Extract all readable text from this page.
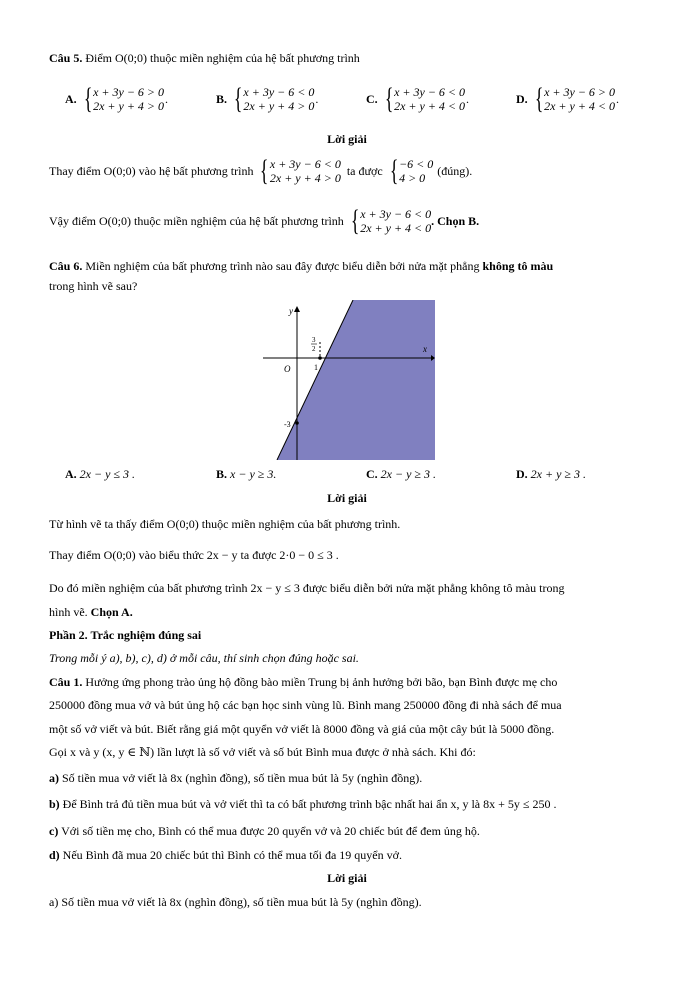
Câu 5. Điểm O(0;0) thuộc miền nghiệm của hệ bất phương trình
A. { x + 3y − 6 > 0
2x + y + 4 > 0
.	B. { x + 3y − 6 < 0
2x + y + 4 > 0
.	C. { x + 3y − 6 < 0
2x + y + 4 < 0
.	D. { x + 3y − 6 > 0
2x + y + 4 < 0
.
Lời giải
Thay điểm O(0;0) vào hệ bất phương trình { x + 3y − 6 < 0
2x + y + 4 > 0
ta được { −6 < 0
4 > 0
(đúng).
Vậy điểm O(0;0) thuộc miền nghiệm của hệ bất phương trình { x + 3y − 6 < 0
2x + y + 4 < 0
. Chọn B.
Câu 6. Miền nghiệm của bất phương trình nào sau đây được biểu diễn bởi nửa mặt phẳng không tô màu
trong hình vẽ sau?
y
x
O	1
-3
3
2
A. 2x − y ≤ 3 .	B. x − y ≥ 3.	C. 2x − y ≥ 3 .	D. 2x + y ≥ 3 .
Lời giải
Từ hình vẽ ta thấy điểm O(0;0) thuộc miền nghiệm của bất phương trình.
Thay điểm O(0;0) vào biểu thức 2x − y ta được 2·0 − 0 ≤ 3 .
Do đó miền nghiệm của bất phương trình 2x − y ≤ 3 được biểu diễn bởi nửa mặt phẳng không tô màu trong
hình vẽ. Chọn A.
Phần 2. Trắc nghiệm đúng sai
Trong mỗi ý a), b), c), d) ở mỗi câu, thí sinh chọn đúng hoặc sai.
Câu 1. Hưởng ứng phong trào ủng hộ đồng bào miền Trung bị ảnh hưởng bởi bão, bạn Bình được mẹ cho
250000 đồng mua vở và bút ủng hộ các bạn học sinh vùng lũ. Bình mang 250000 đồng đi nhà sách để mua
một số vở viết và bút. Biết rằng giá một quyển vở viết là 8000 đồng và giá của một cây bút là 5000 đồng.
Gọi x và y (x, y ∈ ℕ) lần lượt là số vở viết và số bút Bình mua được ở nhà sách. Khi đó:
a) Số tiền mua vở viết là 8x (nghìn đồng), số tiền mua bút là 5y (nghìn đồng).
b) Để Bình trả đủ tiền mua bút và vở viết thì ta có bất phương trình bậc nhất hai ẩn x, y là 8x + 5y ≤ 250 .
c) Với số tiền mẹ cho, Bình có thể mua được 20 quyển vở và 20 chiếc bút để đem ủng hộ.
d) Nếu Bình đã mua 20 chiếc bút thì Bình có thể mua tối đa 19 quyển vở.
Lời giải
a) Số tiền mua vở viết là 8x (nghìn đồng), số tiền mua bút là 5y (nghìn đồng).
